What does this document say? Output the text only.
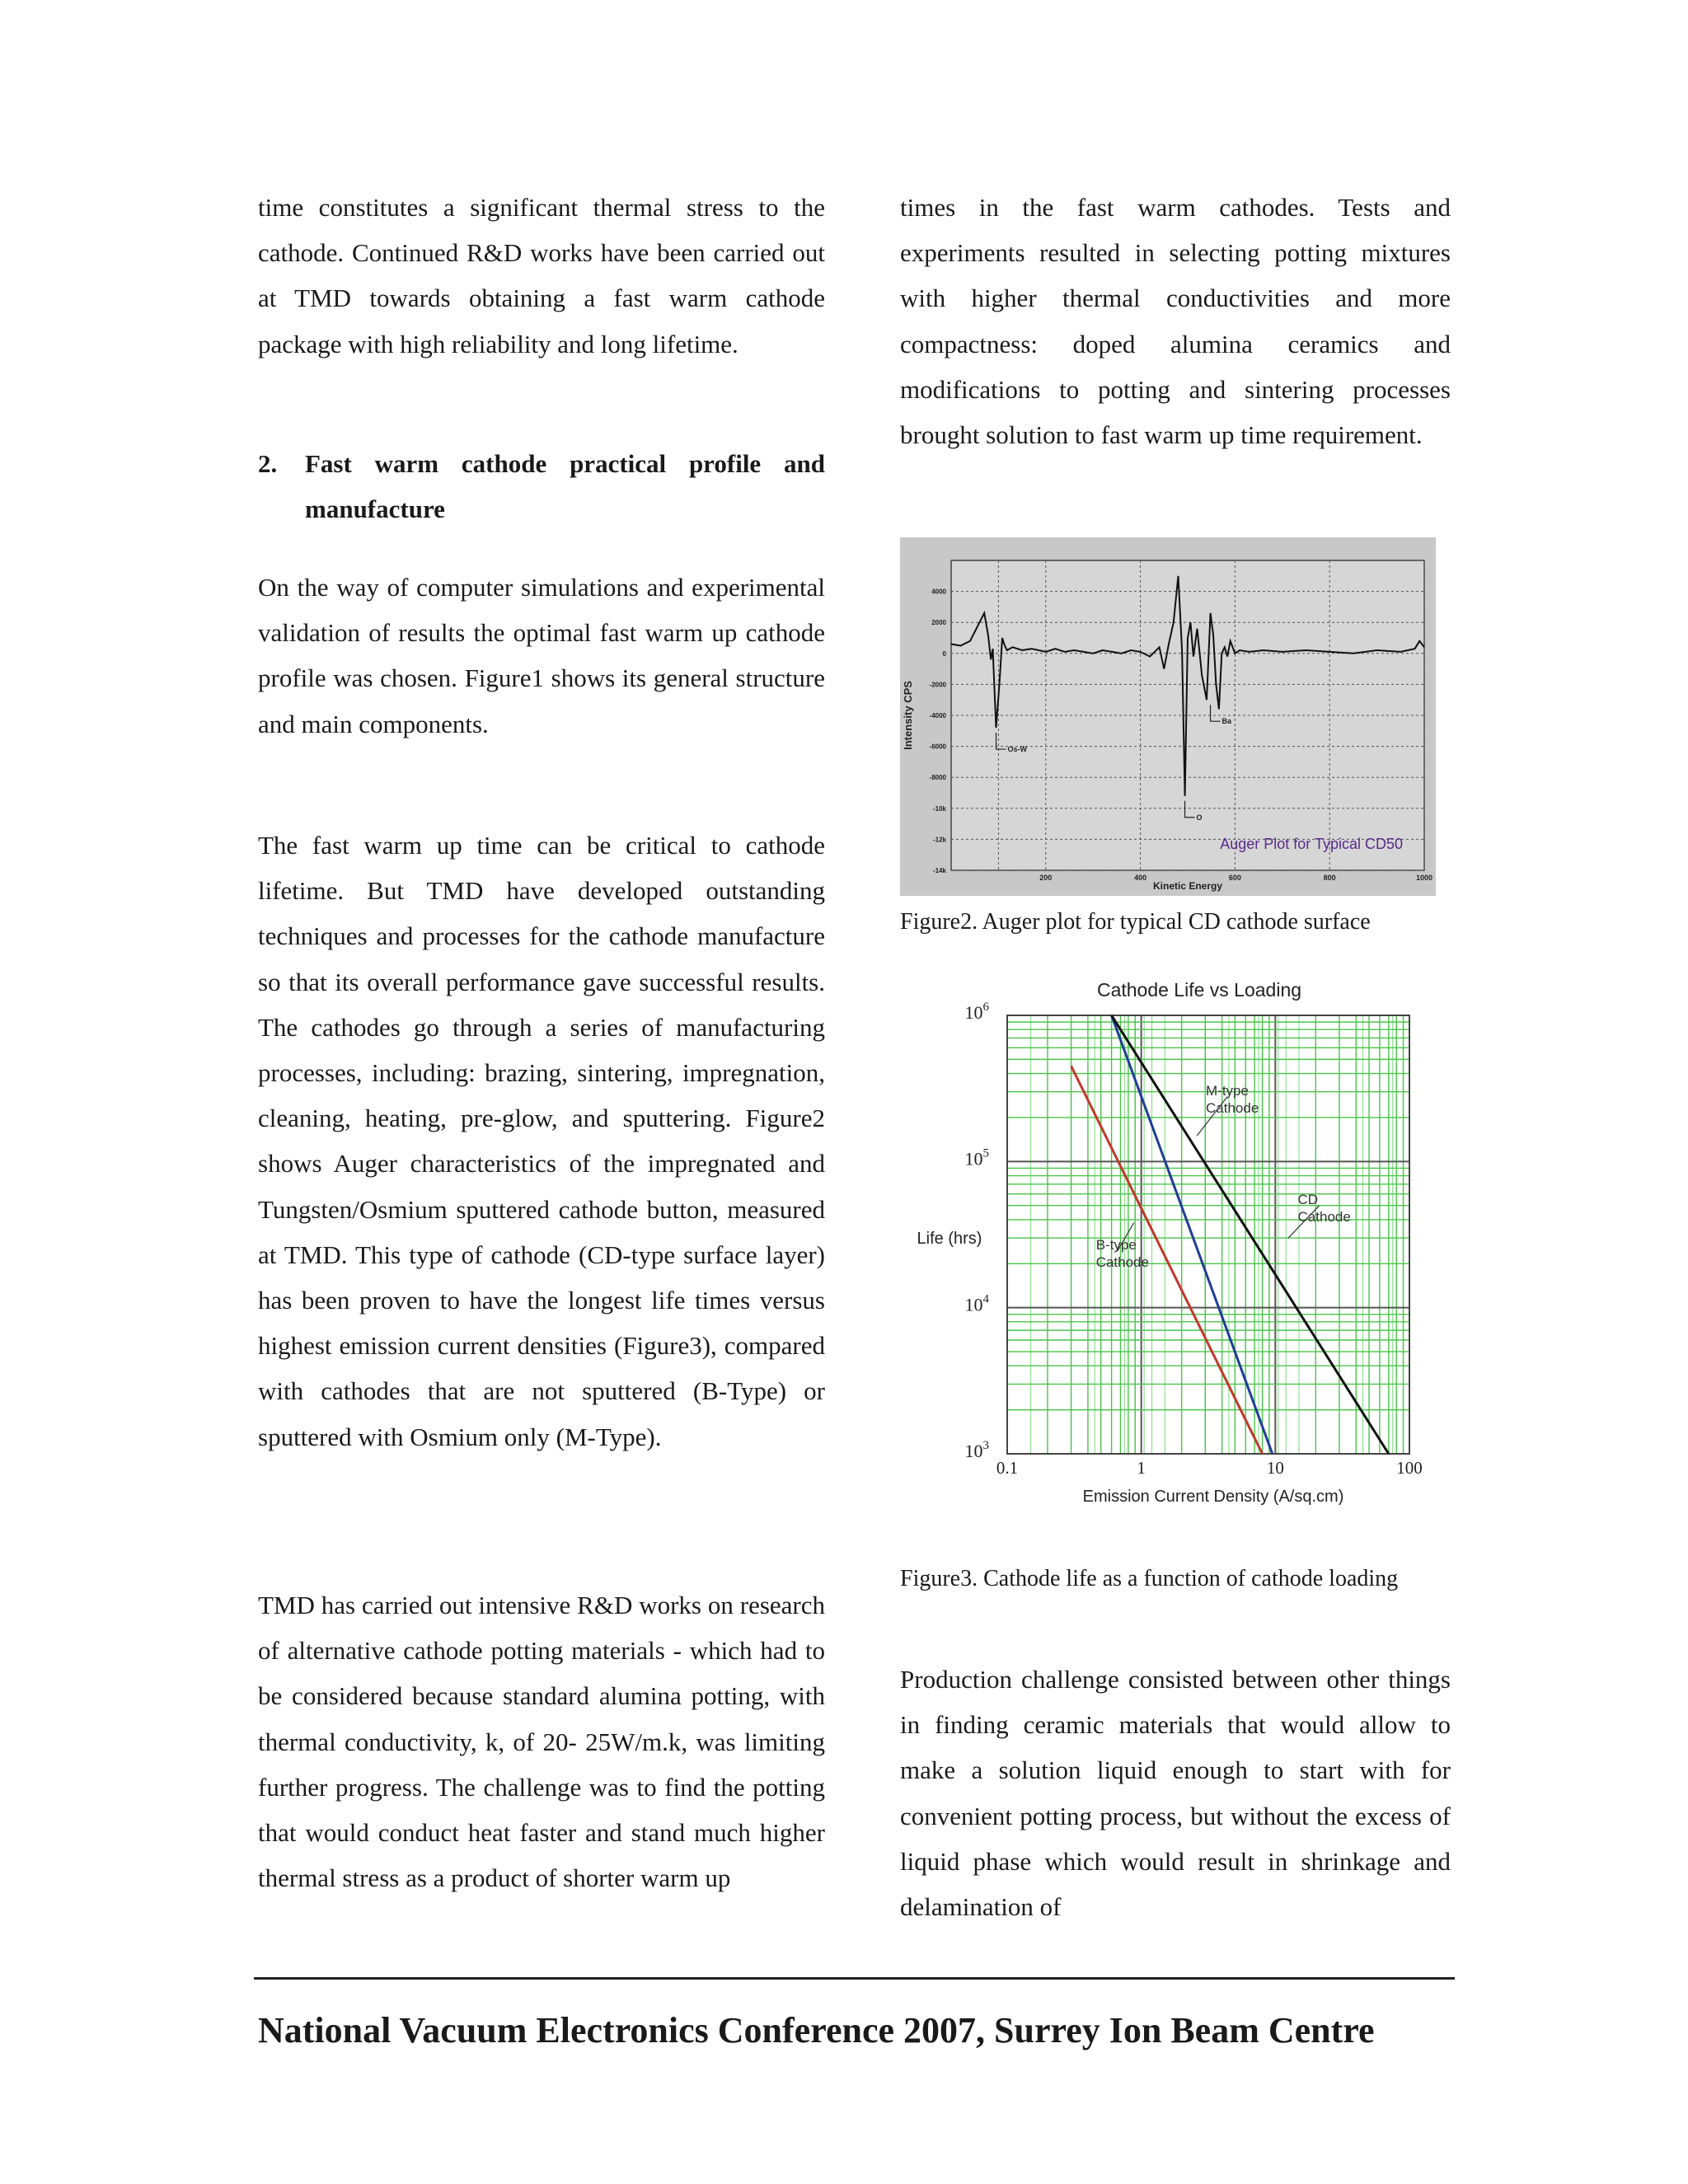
time constitutes a significant thermal stress to the cathode. Continued R&D works have been carried out at TMD towards obtaining a fast warm cathode package with high reliability and long lifetime.

2. Fast warm cathode practical profile and manufacture

On the way of computer simulations and experimental validation of results the optimal fast warm up cathode profile was chosen. Figure1 shows its general structure and main components.

The fast warm up time can be critical to cathode lifetime. But TMD have developed outstanding techniques and processes for the cathode manufacture so that its overall performance gave successful results. The cathodes go through a series of manufacturing processes, including: brazing, sintering, impregnation, cleaning, heating, pre-glow, and sputtering. Figure2 shows Auger characteristics of the impregnated and Tungsten/Osmium sputtered cathode button, measured at TMD. This type of cathode (CD-type surface layer) has been proven to have the longest life times versus highest emission current densities (Figure3), compared with cathodes that are not sputtered (B-Type) or sputtered with Osmium only (M-Type).

TMD has carried out intensive R&D works on research of alternative cathode potting materials - which had to be considered because standard alumina potting, with thermal conductivity, k, of 20- 25W/m.k, was limiting further progress. The challenge was to find the potting that would conduct heat faster and stand much higher thermal stress as a product of shorter warm up

times in the fast warm cathodes. Tests and experiments resulted in selecting potting mixtures with higher thermal conductivities and more compactness: doped alumina ceramics and modifications to potting and sintering processes brought solution to fast warm up time requirement.

4000
2000
0
-2000
-4000
-6000
-8000
-10k
-12k
-14k
200	400	600	800	1000
Os-W
O
Ba
Intensity CPS
Kinetic Energy
Auger Plot for Typical CD50

Figure2. Auger plot for typical CD cathode surface

0.1	1	10	100
$10^3$
$10^4$
$10^5$
$10^6$
B-type
Cathode
M-type
Cathode
CD
Cathode
Cathode Life vs Loading
Life (hrs)
Emission Current Density (A/sq.cm)

Figure3. Cathode life as a function of cathode loading

Production challenge consisted between other things in finding ceramic materials that would allow to make a solution liquid enough to start with for convenient potting process, but without the excess of liquid phase which would result in shrinkage and delamination of

National Vacuum Electronics Conference 2007, Surrey Ion Beam Centre
